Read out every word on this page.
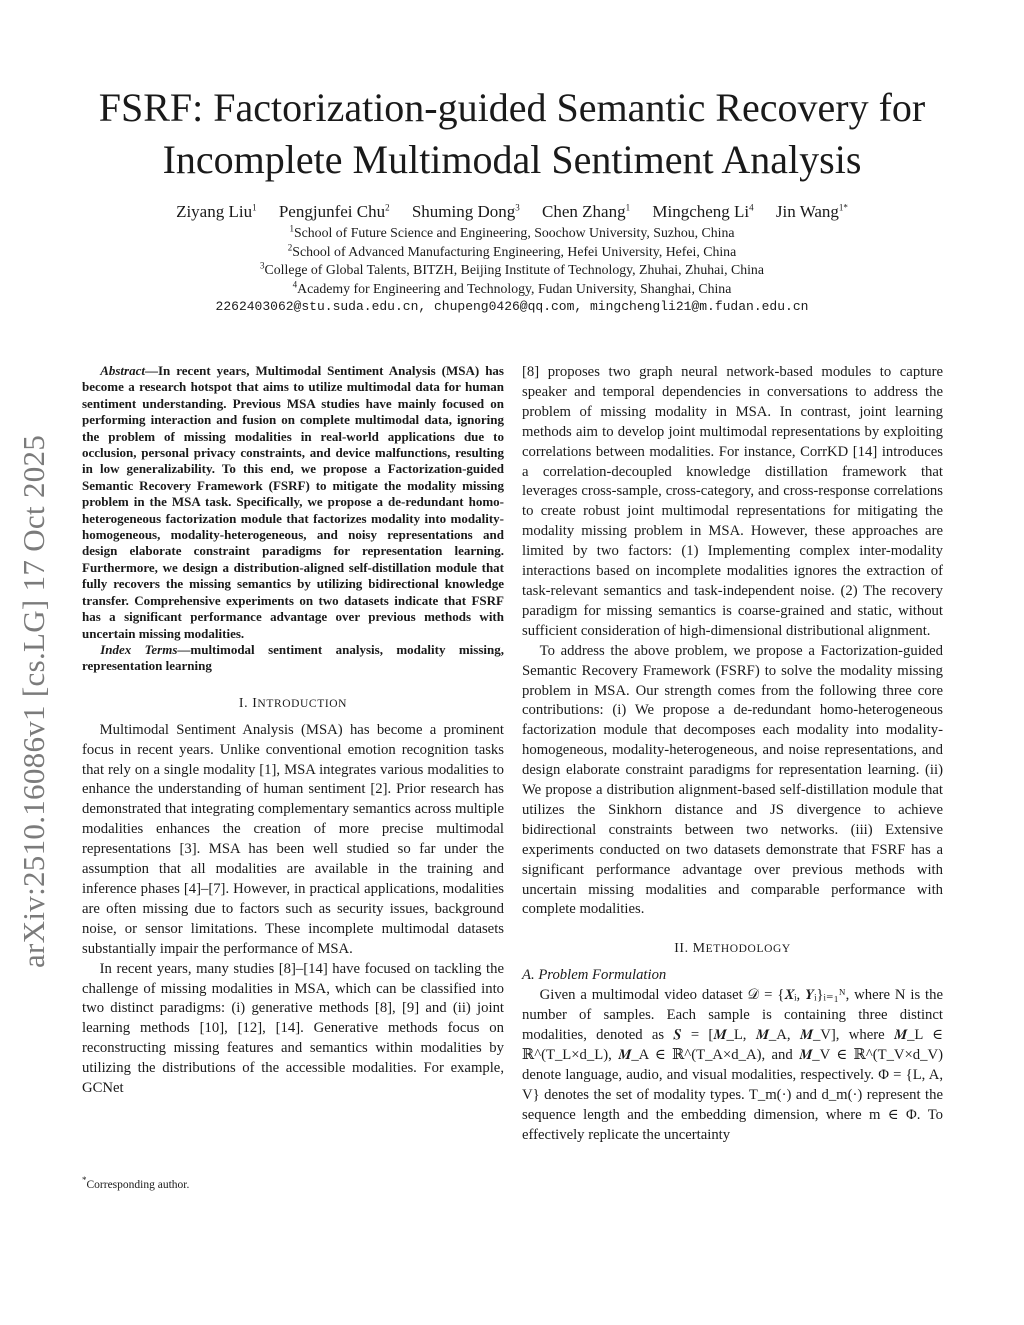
arXiv:2510.16086v1 [cs.LG] 17 Oct 2025
FSRF: Factorization-guided Semantic Recovery for
Incomplete Multimodal Sentiment Analysis
Ziyang Liu$^1$ Pengjunfei Chu$^2$ Shuming Dong$^3$ Chen Zhang$^1$ Mingcheng Li$^4$ Jin Wang$^{1*}$
$^1$School of Future Science and Engineering, Soochow University, Suzhou, China
$^2$School of Advanced Manufacturing Engineering, Hefei University, Hefei, China
$^3$College of Global Talents, BITZH, Beijing Institute of Technology, Zhuhai, Zhuhai, China
$^4$Academy for Engineering and Technology, Fudan University, Shanghai, China
2262403062@stu.suda.edu.cn, chupeng0426@qq.com, mingchengli21@m.fudan.edu.cn

Abstract—In recent years, Multimodal Sentiment Analysis (MSA) has become a research hotspot that aims to utilize multimodal data for human sentiment understanding. Previous MSA studies have mainly focused on performing interaction and fusion on complete multimodal data, ignoring the problem of missing modalities in real-world applications due to occlusion, personal privacy constraints, and device malfunctions, resulting in low generalizability. To this end, we propose a Factorization-guided Semantic Recovery Framework (FSRF) to mitigate the modality missing problem in the MSA task. Specifically, we propose a de-redundant homo-heterogeneous factorization module that factorizes modality into modality-homogeneous, modality-heterogeneous, and noisy representations and design elaborate constraint paradigms for representation learning. Furthermore, we design a distribution-aligned self-distillation module that fully recovers the missing semantics by utilizing bidirectional knowledge transfer. Comprehensive experiments on two datasets indicate that FSRF has a significant performance advantage over previous methods with uncertain missing modalities.

Index Terms—multimodal sentiment analysis, modality missing, representation learning

I. INTRODUCTION

Multimodal Sentiment Analysis (MSA) has become a prominent focus in recent years. Unlike conventional emotion recognition tasks that rely on a single modality [1], MSA integrates various modalities to enhance the understanding of human sentiment [2]. Prior research has demonstrated that integrating complementary semantics across multiple modalities enhances the creation of more precise multimodal representations [3]. MSA has been well studied so far under the assumption that all modalities are available in the training and inference phases [4]–[7]. However, in practical applications, modalities are often missing due to factors such as security issues, background noise, or sensor limitations. These incomplete multimodal datasets substantially impair the performance of MSA.

In recent years, many studies [8]–[14] have focused on tackling the challenge of missing modalities in MSA, which can be classified into two distinct paradigms: (i) generative methods [8], [9] and (ii) joint learning methods [10], [12], [14]. Generative methods focus on reconstructing missing features and semantics within modalities by utilizing the distributions of the accessible modalities. For example, GCNet

*Corresponding author.

[8] proposes two graph neural network-based modules to capture speaker and temporal dependencies in conversations to address the problem of missing modality in MSA. In contrast, joint learning methods aim to develop joint multimodal representations by exploiting correlations between modalities. For instance, CorrKD [14] introduces a correlation-decoupled knowledge distillation framework that leverages cross-sample, cross-category, and cross-response correlations to create robust joint multimodal representations for mitigating the modality missing problem in MSA. However, these approaches are limited by two factors: (1) Implementing complex inter-modality interactions based on incomplete modalities ignores the extraction of task-relevant semantics and task-independent noise. (2) The recovery paradigm for missing semantics is coarse-grained and static, without sufficient consideration of high-dimensional distributional alignment.

To address the above problem, we propose a Factorization-guided Semantic Recovery Framework (FSRF) to solve the modality missing problem in MSA. Our strength comes from the following three core contributions: (i) We propose a de-redundant homo-heterogeneous factorization module that decomposes each modality into modality-homogeneous, modality-heterogeneous, and noise representations, and design elaborate constraint paradigms for representation learning. (ii) We propose a distribution alignment-based self-distillation module that utilizes the Sinkhorn distance and JS divergence to achieve bidirectional constraints between two networks. (iii) Extensive experiments conducted on two datasets demonstrate that FSRF has a significant performance advantage over previous methods with uncertain missing modalities and comparable performance with complete modalities.

II. METHODOLOGY

A. Problem Formulation

Given a multimodal video dataset 𝒟 = {𝑿ᵢ, 𝒀ᵢ}ᵢ₌₁ᴺ, where N is the number of samples. Each sample is containing three distinct modalities, denoted as 𝑺 = [𝑴_L, 𝑴_A, 𝑴_V], where 𝑴_L ∈ ℝ^(T_L×d_L), 𝑴_A ∈ ℝ^(T_A×d_A), and 𝑴_V ∈ ℝ^(T_V×d_V) denote language, audio, and visual modalities, respectively. Φ = {L, A, V} denotes the set of modality types. T_m(·) and d_m(·) represent the sequence length and the embedding dimension, where m ∈ Φ. To effectively replicate the uncertainty
